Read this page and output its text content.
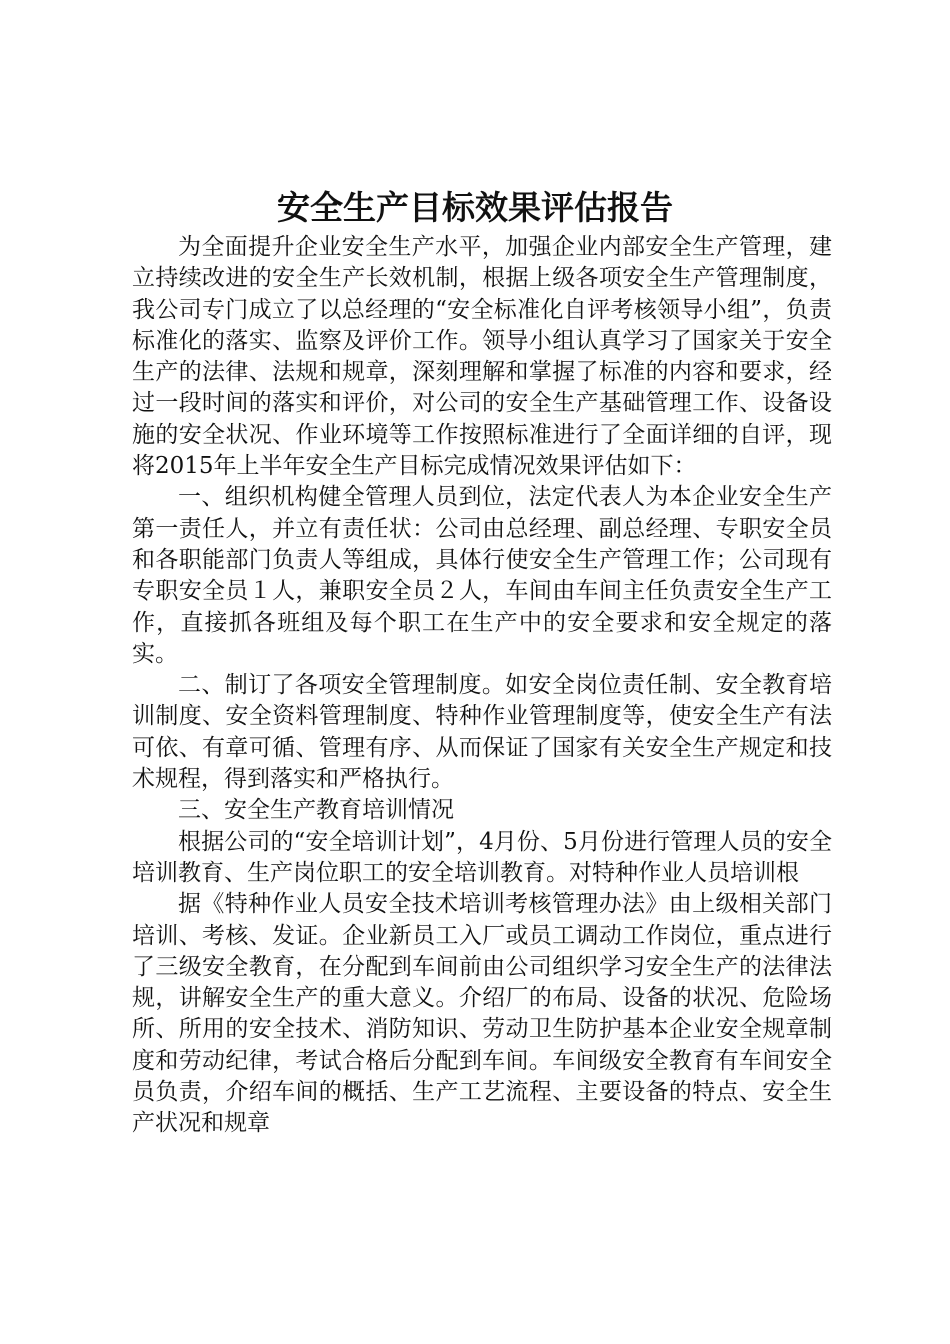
安全生产目标效果评估报告

为全面提升企业安全生产水平，加强企业内部安全生产管理，建立持续改进的安全生产长效机制，根据上级各项安全生产管理制度，我公司专门成立了以总经理的“安全标准化自评考核领导小组”，负责标准化的落实、监察及评价工作。领导小组认真学习了国家关于安全生产的法律、法规和规章，深刻理解和掌握了标准的内容和要求，经过一段时间的落实和评价，对公司的安全生产基础管理工作、设备设施的安全状况、作业环境等工作按照标准进行了全面详细的自评，现将2015年上半年安全生产目标完成情况效果评估如下：

一、组织机构健全管理人员到位，法定代表人为本企业安全生产第一责任人，并立有责任状：公司由总经理、副总经理、专职安全员和各职能部门负责人等组成，具体行使安全生产管理工作；公司现有专职安全员１人，兼职安全员２人，车间由车间主任负责安全生产工作，直接抓各班组及每个职工在生产中的安全要求和安全规定的落实。

二、制订了各项安全管理制度。如安全岗位责任制、安全教育培训制度、安全资料管理制度、特种作业管理制度等，使安全生产有法可依、有章可循、管理有序、从而保证了国家有关安全生产规定和技术规程，得到落实和严格执行。

三、安全生产教育培训情况

根据公司的“安全培训计划”，4月份、5月份进行管理人员的安全培训教育、生产岗位职工的安全培训教育。对特种作业人员培训根

据《特种作业人员安全技术培训考核管理办法》由上级相关部门培训、考核、发证。企业新员工入厂或员工调动工作岗位，重点进行了三级安全教育，在分配到车间前由公司组织学习安全生产的法律法规，讲解安全生产的重大意义。介绍厂的布局、设备的状况、危险场所、所用的安全技术、消防知识、劳动卫生防护基本企业安全规章制度和劳动纪律，考试合格后分配到车间。车间级安全教育有车间安全员负责，介绍车间的概括、生产工艺流程、主要设备的特点、安全生产状况和规章
